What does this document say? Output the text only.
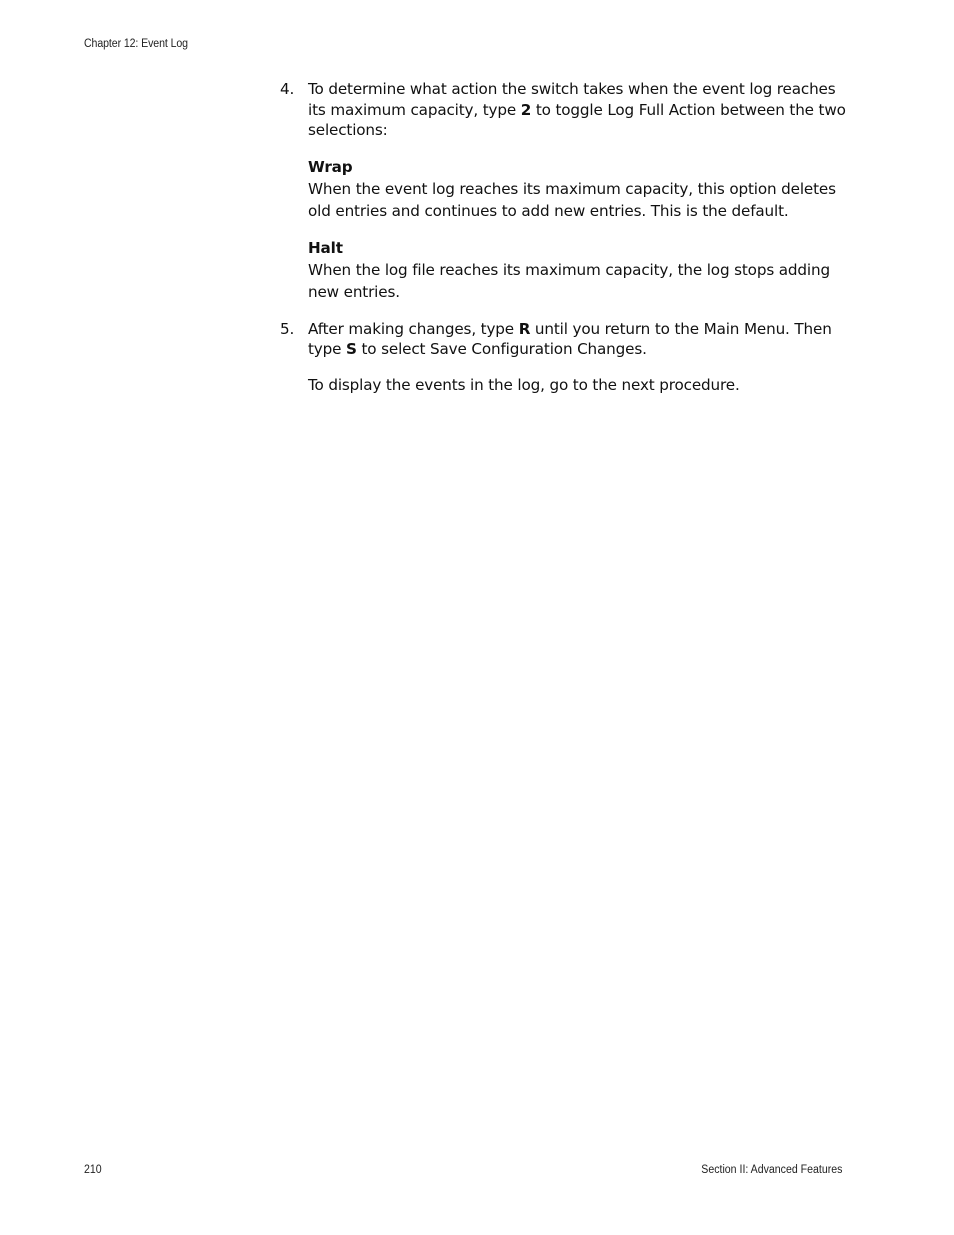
Chapter 12: Event Log
4. To determine what action the switch takes when the event log reaches its maximum capacity, type 2 to toggle Log Full Action between the two selections:
Wrap
When the event log reaches its maximum capacity, this option deletes old entries and continues to add new entries. This is the default.
Halt
When the log file reaches its maximum capacity, the log stops adding new entries.
5. After making changes, type R until you return to the Main Menu. Then type S to select Save Configuration Changes.
To display the events in the log, go to the next procedure.
210	Section II: Advanced Features
